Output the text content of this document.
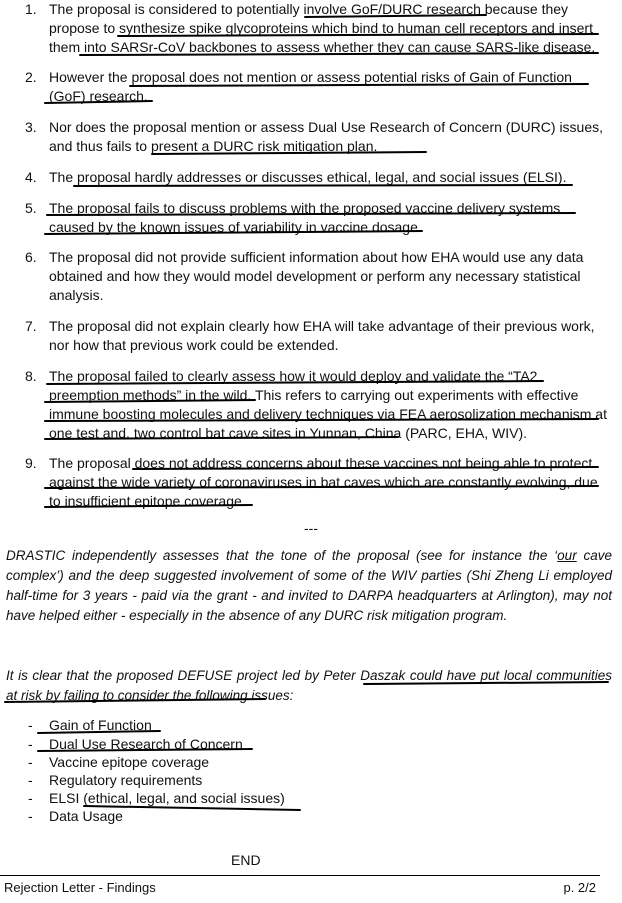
1. The proposal is considered to potentially involve GoF/DURC research because they propose to synthesize spike glycoproteins which bind to human cell receptors and insert them into SARSr-CoV backbones to assess whether they can cause SARS-like disease.
2. However the proposal does not mention or assess potential risks of Gain of Function (GoF) research.
3. Nor does the proposal mention or assess Dual Use Research of Concern (DURC) issues, and thus fails to present a DURC risk mitigation plan.
4. The proposal hardly addresses or discusses ethical, legal, and social issues (ELSI).
5. The proposal fails to discuss problems with the proposed vaccine delivery systems caused by the known issues of variability in vaccine dosage.
6. The proposal did not provide sufficient information about how EHA would use any data obtained and how they would model development or perform any necessary statistical analysis.
7. The proposal did not explain clearly how EHA will take advantage of their previous work, nor how that previous work could be extended.
8. The proposal failed to clearly assess how it would deploy and validate the “TA2 preemption methods” in the wild. This refers to carrying out experiments with effective immune boosting molecules and delivery techniques via FEA aerosolization mechanism at one test and. two control bat cave sites in Yunnan, China (PARC, EHA, WIV).
9. The proposal does not address concerns about these vaccines not being able to protect against the wide variety of coronaviruses in bat caves which are constantly evolving, due to insufficient epitope coverage.
---

DRASTIC independently assesses that the tone of the proposal (see for instance the ‘our cave complex’) and the deep suggested involvement of some of the WIV parties (Shi Zheng Li employed half-time for 3 years - paid via the grant - and invited to DARPA headquarters at Arlington), may not have helped either - especially in the absence of any DURC risk mitigation program.

It is clear that the proposed DEFUSE project led by Peter Daszak could have put local communities at risk by failing to consider the following issues:

- Gain of Function
- Dual Use Research of Concern
- Vaccine epitope coverage
- Regulatory requirements
- ELSI (ethical, legal, and social issues)
- Data Usage
END
Rejection Letter - Findings	p. 2/2
